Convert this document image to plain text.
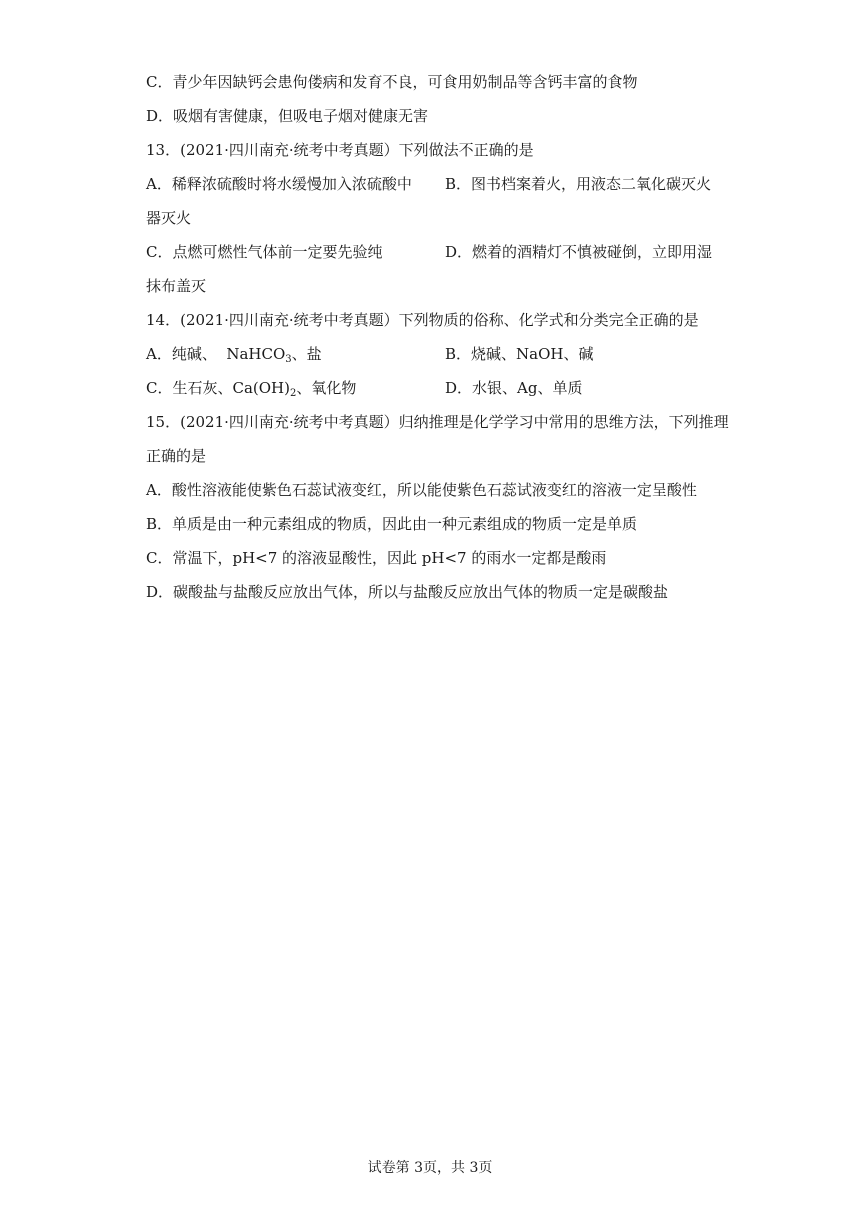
C．青少年因缺钙会患佝偻病和发育不良，可食用奶制品等含钙丰富的食物
D．吸烟有害健康，但吸电子烟对健康无害
13．(2021·四川南充·统考中考真题）下列做法不正确的是
A．稀释浓硫酸时将水缓慢加入浓硫酸中 B．图书档案着火，用液态二氧化碳灭火
器灭火
C．点燃可燃性气体前一定要先验纯	D．燃着的酒精灯不慎被碰倒，立即用湿
抹布盖灭
14．(2021·四川南充·统考中考真题）下列物质的俗称、化学式和分类完全正确的是
A．纯碱、  NaHCO$_3$、盐	B．烧碱、NaOH、碱
C．生石灰、$Ca(OH)_2$、氧化物	D．水银、Ag、单质
15．(2021·四川南充·统考中考真题）归纳推理是化学学习中常用的思维方法，下列推理
正确的是
A．酸性溶液能使紫色石蕊试液变红，所以能使紫色石蕊试液变红的溶液一定呈酸性
B．单质是由一种元素组成的物质，因此由一种元素组成的物质一定是单质
C．常温下，pH<7 的溶液显酸性，因此 pH<7 的雨水一定都是酸雨
D．碳酸盐与盐酸反应放出气体，所以与盐酸反应放出气体的物质一定是碳酸盐
试卷第 3页，共 3页
